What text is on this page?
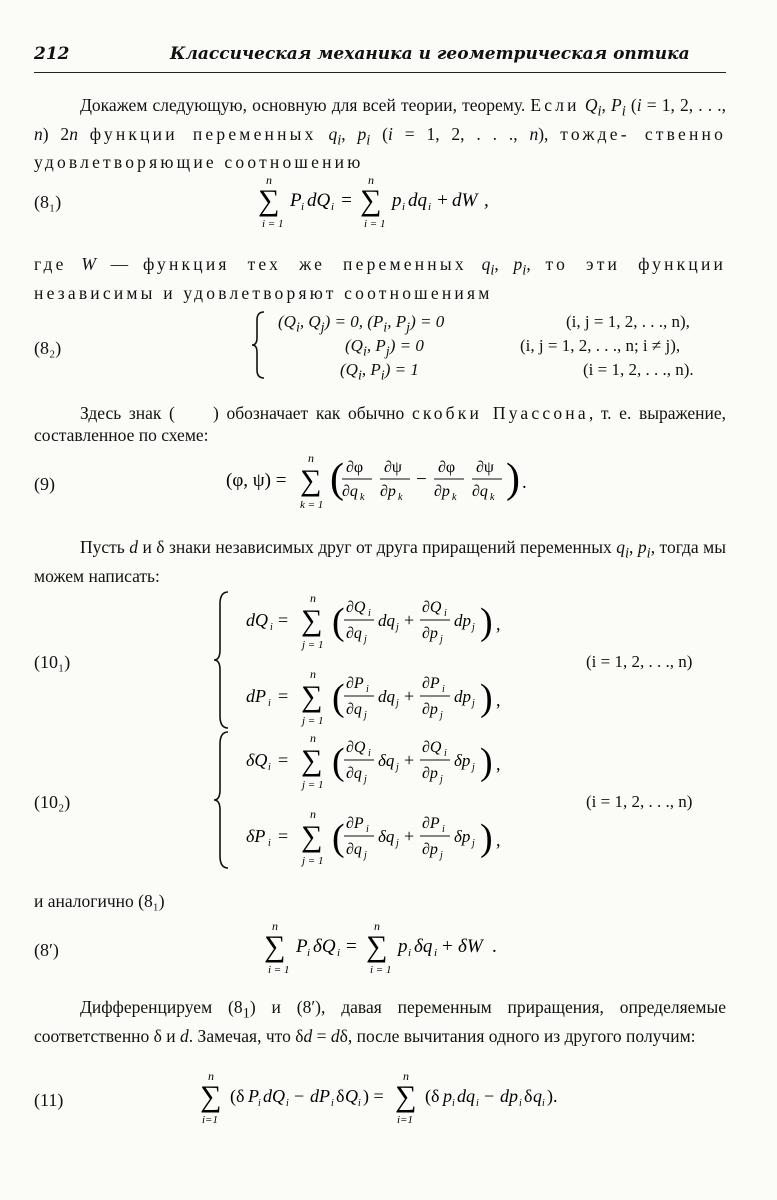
212	Классическая механика и геометрическая оптика
Докажем следующую, основную для всей теории, теорему. Если $Q_i$, $P_i$ (i = 1, 2, . . ., n) 2n функции переменных $q_i$, $p_i$ (i = 1, 2, . . ., n), тожде- ственно удовлетворяющие соотношению
(8₁)
n
∑
i = 1
P i dQ i =
n
∑
i = 1
p i dq i + dW ,
где W — функция тех же переменных $q_i$, $p_i$, то эти функции независимы и удовлетворяют соотношениям
(8₂)
($Q_i$, $Q_j) = 0$, ($P_i$, $P_j) = 0$	(i, j = 1, 2, . . ., n),
($Q_i$, $P_j) = 0$	(i, j = 1, 2, . . ., n; i ≠ j),
($Q_i$, $P_i) = 1$	(i = 1, 2, . . ., n).
Здесь знак (     ) обозначает как обычно скобки Пуассона, т. е. выражение, составленное по схеме:
(9)	(φ, ψ) =
n
∑
k = 1
( ∂φ
∂q k
∂ψ
∂p k
−
∂φ
∂p k
∂ψ
∂q k ) .
Пусть d и δ знаки независимых друг от друга приращений переменных $q_i$, $p_i$, тогда мы можем написать:
(10₁)
dQ i =
n
∑
j = 1
( ∂Q i
∂q j
dq j +
∂Q i
∂p j
dp j ) ,
dP i =
n
∑
j = 1
( ∂P i
∂q j
dq j +
∂P i
∂p j
dp j ) ,
(i = 1, 2, . . ., n)
(10₂)
δQ i =
n
∑
j = 1
( ∂Q i
∂q j
δq j +
∂Q i
∂p j
δp j ) ,
δP i =
n
∑
j = 1
( ∂P i
∂q j
δq j +
∂P i
∂p j
δp j ) ,
(i = 1, 2, . . ., n)
и аналогично (8₁)
(8′)
n
∑
i = 1
P i δQ i =
n
∑
i = 1
p i δq i + δW .
Дифференцируем $(8_1)$ и (8′), давая переменным приращения, определяемые соответственно δ и d. Замечая, что δd = dδ, после вычитания одного из другого получим:
(11)
n
∑
i=1
(δ P i dQ i − dP i δ Q i ) =
n
∑
i=1
(δ p i dq i − dp i δ q i ).
